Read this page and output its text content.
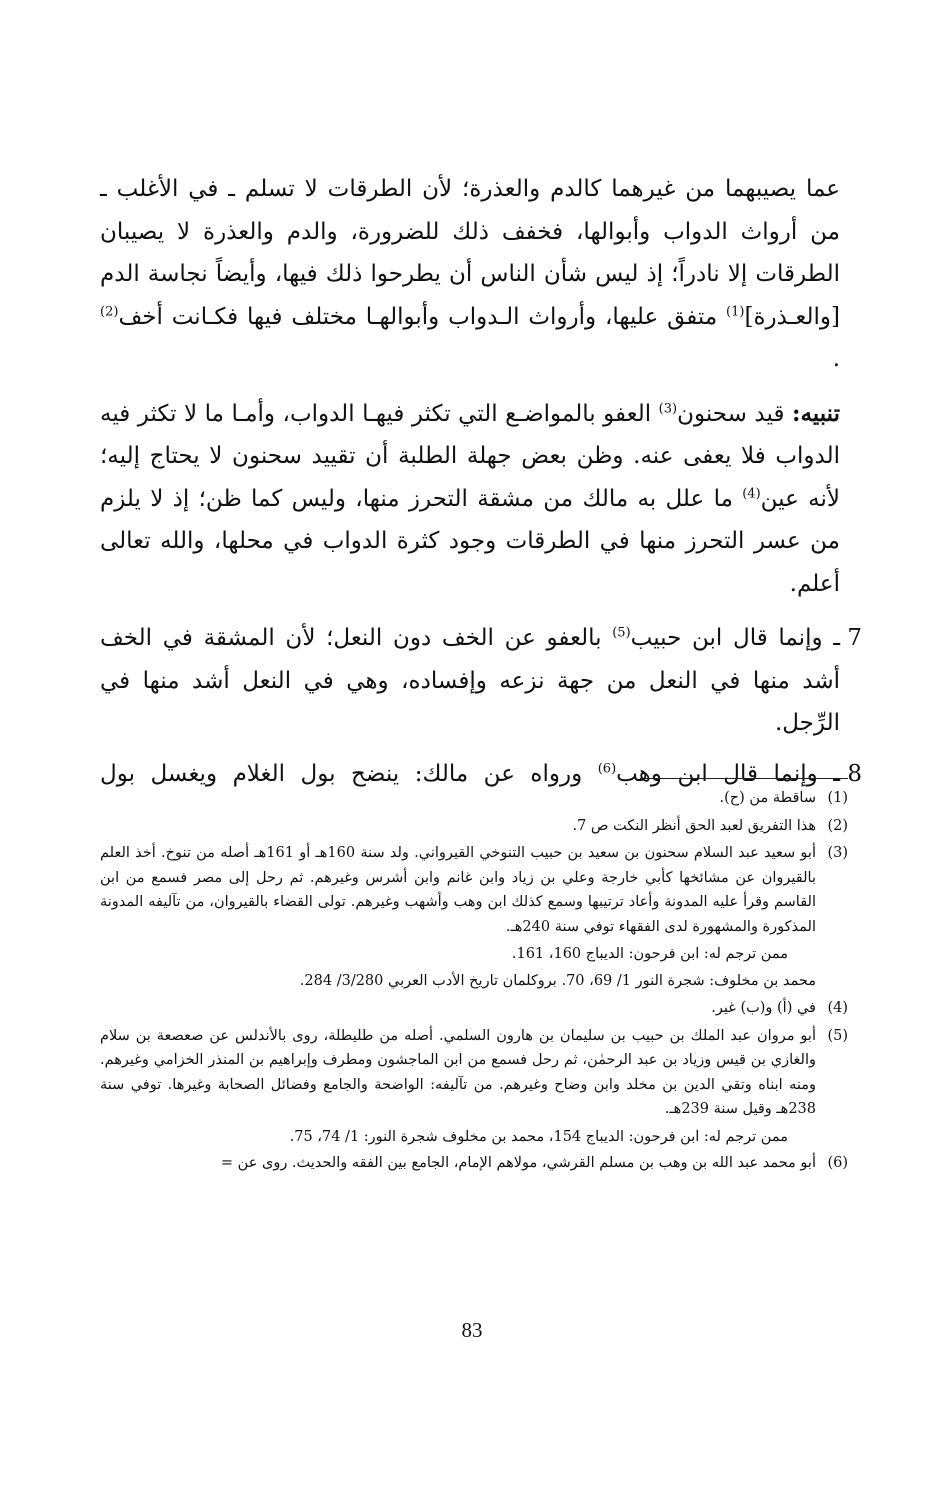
عما يصيبهما من غيرهما كالدم والعذرة؛ لأن الطرقات لا تسلم ـ في الأغلب ـ من أرواث الدواب وأبوالها، فخفف ذلك للضرورة، والدم والعذرة لا يصيبان الطرقات إلا نادراً؛ إذ ليس شأن الناس أن يطرحوا ذلك فيها، وأيضاً نجاسة الدم [والعـذرة]$^{(1)}$ متفق عليها، وأرواث الـدواب وأبوالهـا مختلف فيها فكـانت أخف$^{(2)}$ .

تنبيه: قيد سحنون$^{(3)}$ العفو بالمواضـع التي تكثر فيهـا الدواب، وأمـا ما لا تكثر فيه الدواب فلا يعفى عنه. وظن بعض جهلة الطلبة أن تقييد سحنون لا يحتاج إليه؛ لأنه عين$^{(4)}$ ما علل به مالك من مشقة التحرز منها، وليس كما ظن؛ إذ لا يلزم من عسر التحرز منها في الطرقات وجود كثرة الدواب في محلها، والله تعالى أعلم.

7
ـ وإنما قال ابن حبيب$^{(5)}$ بالعفو عن الخف دون النعل؛ لأن المشقة في الخف أشد منها في النعل من جهة نزعه وإفساده، وهي في النعل أشد منها في الرِّجل.

8
ـ وإنما قال ابن وهب$^{(6)}$ ورواه عن مالك: ينضح بول الغلام ويغسل بول

(1)
ساقطة من (ح).
(2)
هذا التفريق لعبد الحق أنظر النكت ص 7.
(3)
أبو سعيد عبد السلام سحنون بن سعيد بن حبيب التنوخي القيرواني. ولد سنة 160هـ أو 161هـ أصله من تنوخ. أخذ العلم بالقيروان عن مشائخها كأبي خارجة وعلي بن زياد وابن غانم وابن أشرس وغيرهم. ثم رحل إلى مصر فسمع من ابن القاسم وقرأ عليه المدونة وأعاد ترتيبها وسمع كذلك ابن وهب وأشهب وغيرهم. تولى القضاء بالقيروان، من تآليفه المدونة المذكورة والمشهورة لدى الفقهاء توفي سنة 240هـ.
ممن ترجم له: ابن فرحون: الديباج 160، 161.
محمد بن مخلوف: شجرة النور 1/ 69، 70. بروكلمان تاريخ الأدب العربي 3/280/ 284.
(4)
في (أ) و(ب) غير.
(5)
أبو مروان عبد الملك بن حبيب بن سليمان بن هارون السلمي. أصله من طليطلة، روى بالأندلس عن صعصعة بن سلام والغازي بن قيس وزياد بن عبد الرحمٰن، ثم رحل فسمع من ابن الماجشون ومطرف وإبراهيم بن المنذر الخزامي وغيرهم. ومنه ابناه وتقي الدين بن مخلد وابن وضاح وغيرهم. من تآليفه: الواضحة والجامع وفضائل الصحابة وغيرها. توفي سنة 238هـ وقيل سنة 239هـ.
ممن ترجم له: ابن فرحون: الديباج 154، محمد بن مخلوف شجرة النور: 1/ 74، 75.
(6)
أبو محمد عبد الله بن وهب بن مسلم القرشي، مولاهم الإمام، الجامع بين الفقه والحديث. روى عن =
83
